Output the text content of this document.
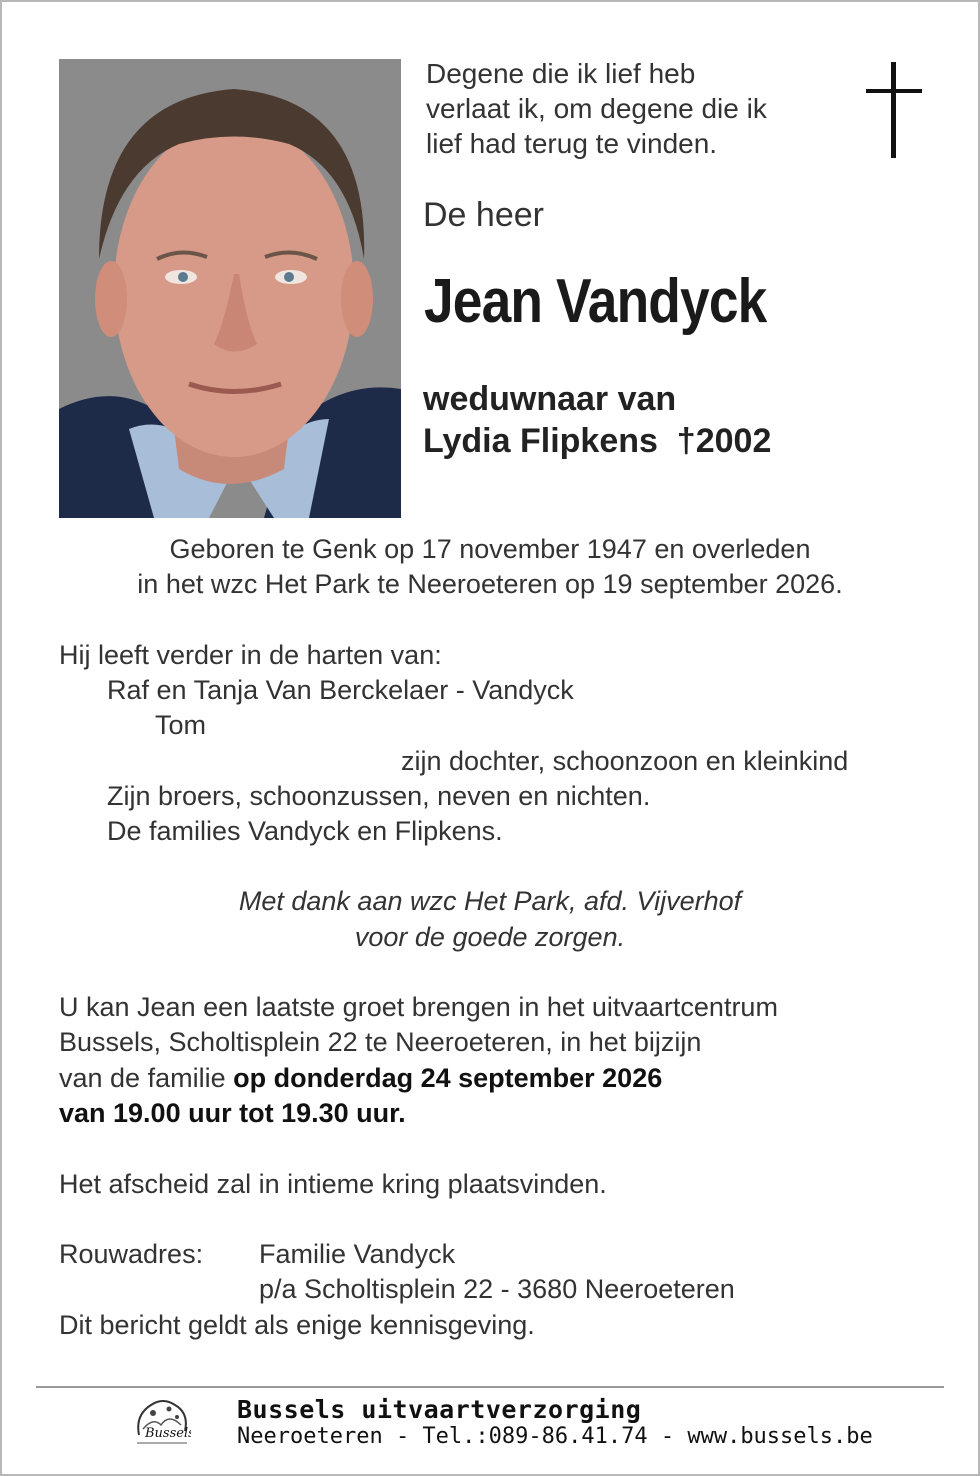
Degene die ik lief heb
verlaat ik, om degene die ik
lief had terug te vinden.
De heer
Jean Vandyck
weduwnaar van
Lydia Flipkens  †2002
Geboren te Genk op 17 november 1947 en overleden
in het wzc Het Park te Neeroeteren op 19 september 2026.
Hij leeft verder in de harten van:
Raf en Tanja Van Berckelaer - Vandyck
Tom
zijn dochter, schoonzoon en kleinkind
Zijn broers, schoonzussen, neven en nichten.
De families Vandyck en Flipkens.
Met dank aan wzc Het Park, afd. Vijverhof
voor de goede zorgen.
U kan Jean een laatste groet brengen in het uitvaartcentrum
Bussels, Scholtisplein 22 te Neeroeteren, in het bijzijn
van de familie op donderdag 24 september 2026
van 19.00 uur tot 19.30 uur.
Het afscheid zal in intieme kring plaatsvinden.
Rouwadres: Familie Vandyck
p/a Scholtisplein 22 - 3680 Neeroeteren
Dit bericht geldt als enige kennisgeving.
Bussels
Bussels uitvaartverzorging
Neeroeteren - Tel.:089-86.41.74 - www.bussels.be
